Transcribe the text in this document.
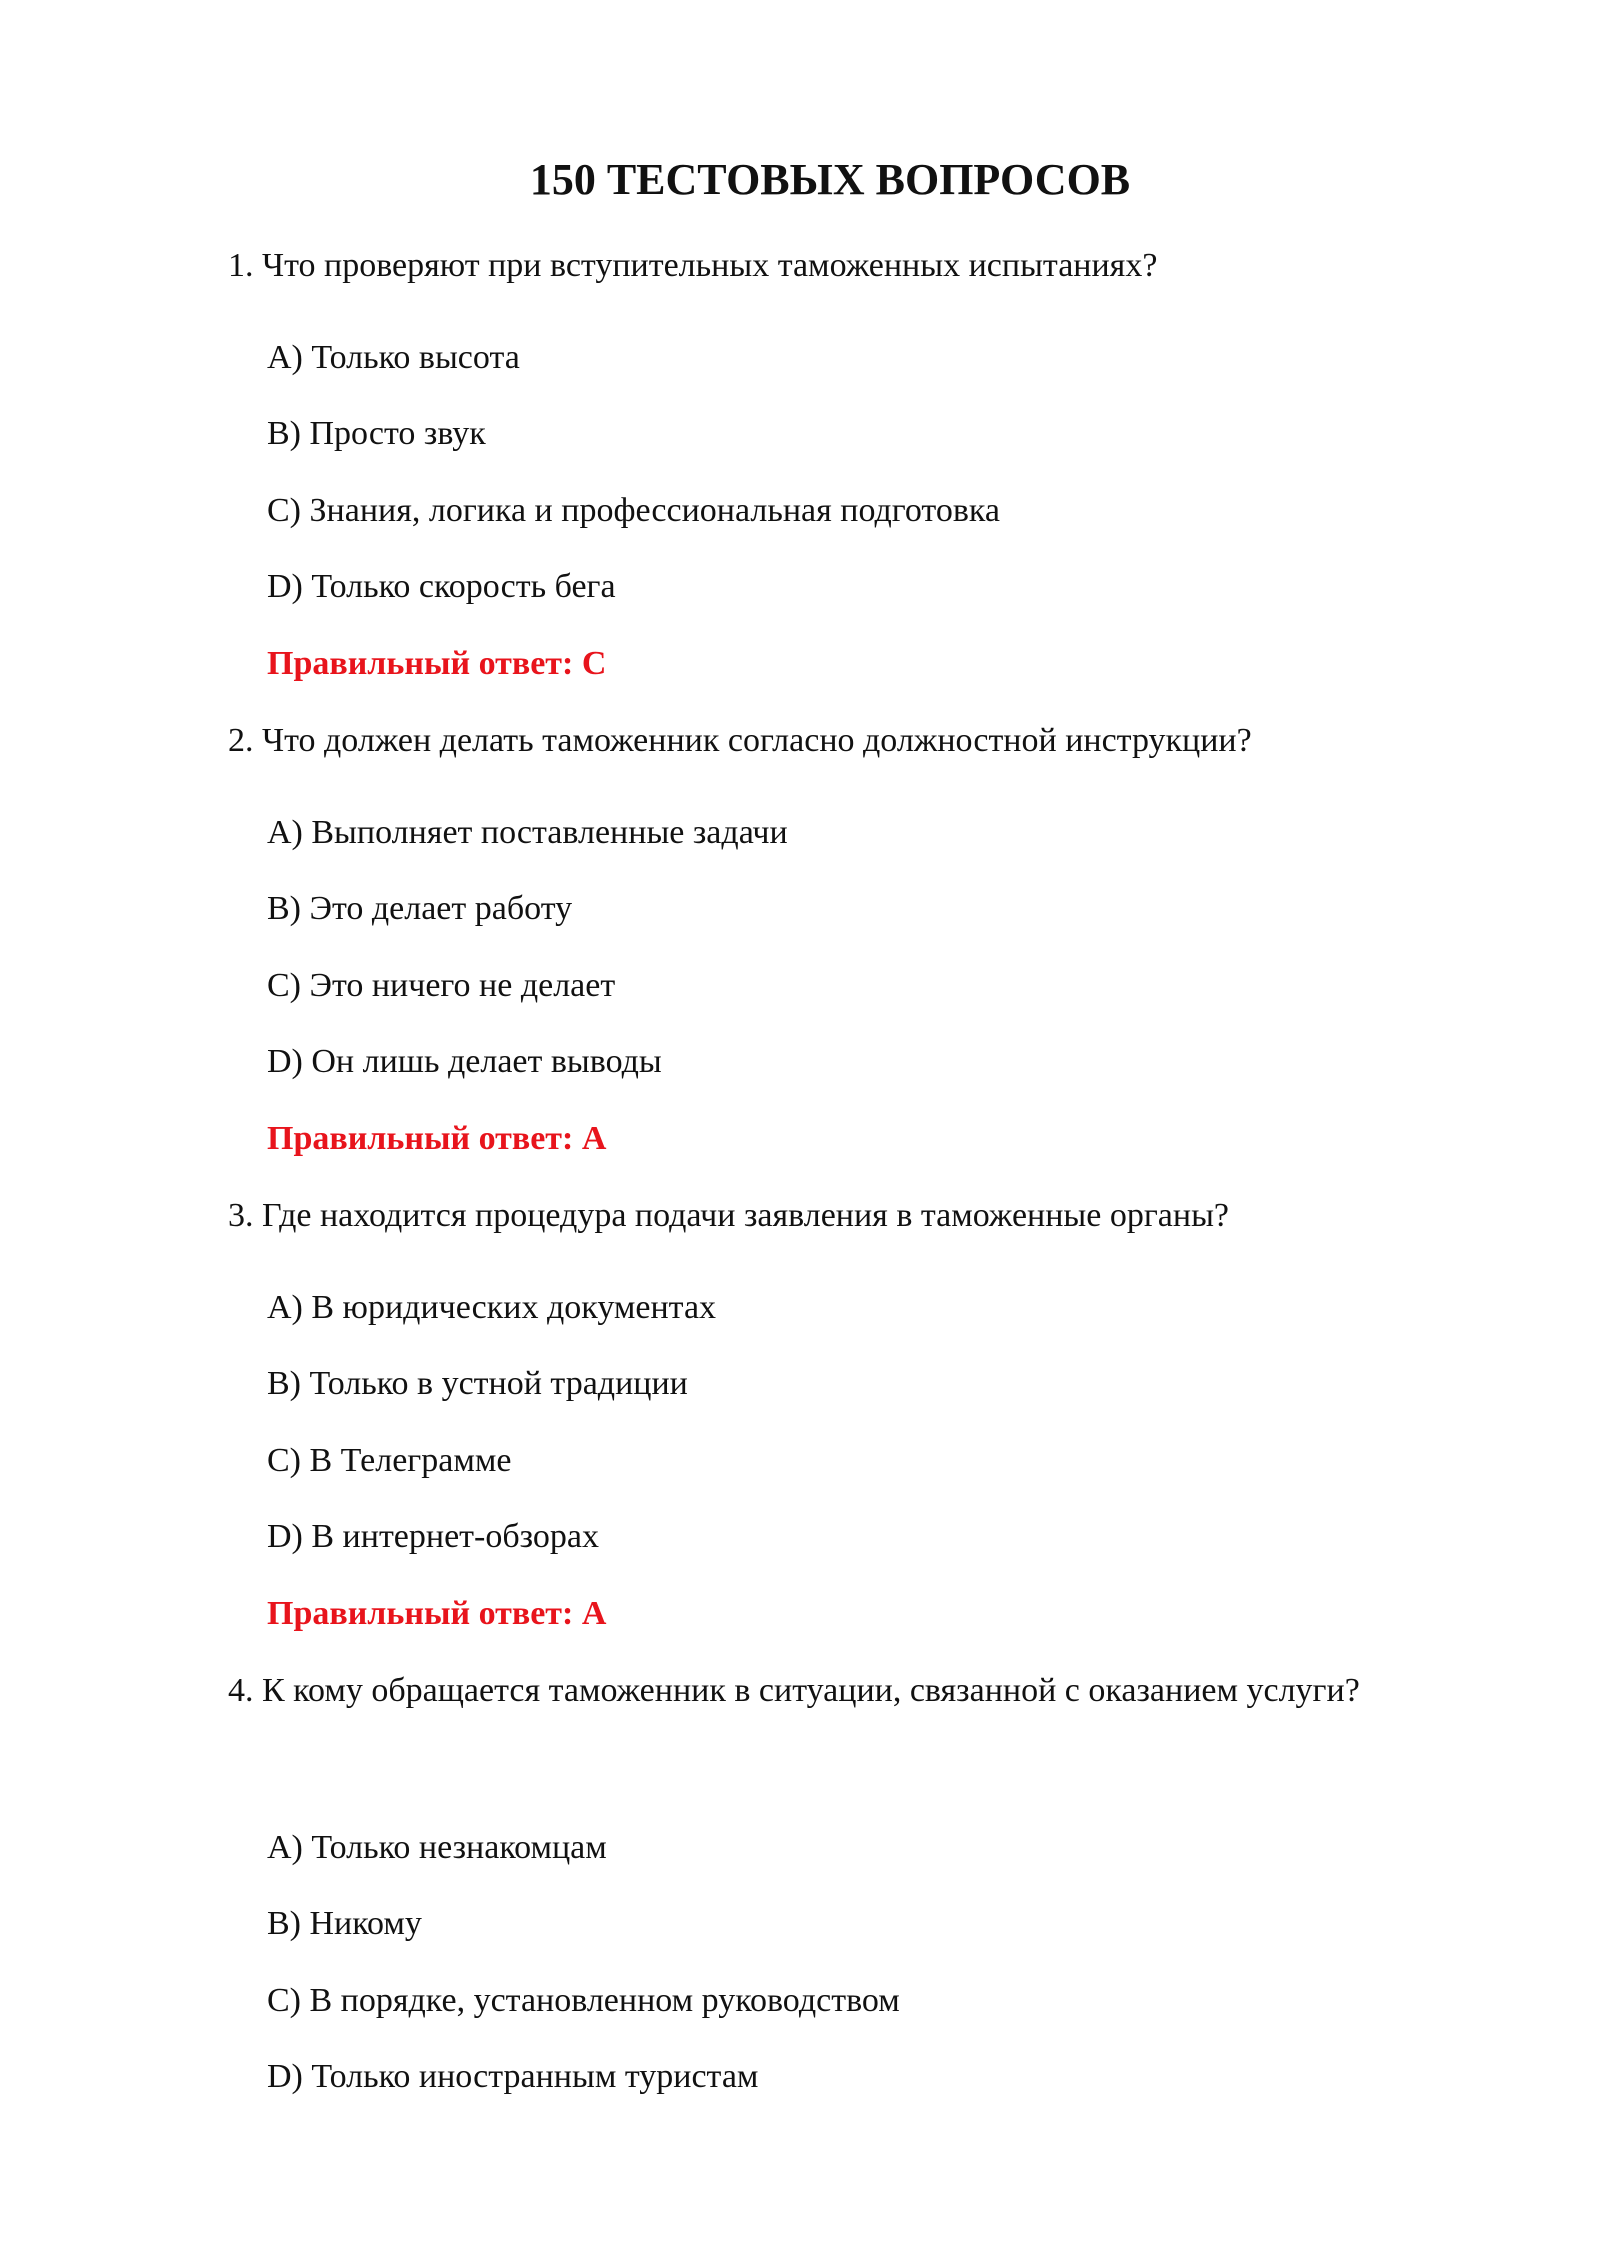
150 ТЕСТОВЫХ ВОПРОСОВ

1. Что проверяют при вступительных таможенных испытаниях?

A) Только высота

B) Просто звук

C) Знания, логика и профессиональная подготовка

D) Только скорость бега

Правильный ответ: C

2. Что должен делать таможенник согласно должностной инструкции?

A) Выполняет поставленные задачи

B) Это делает работу

C) Это ничего не делает

D) Он лишь делает выводы

Правильный ответ: A

3. Где находится процедура подачи заявления в таможенные органы?

A) В юридических документах

B) Только в устной традиции

C) В Телеграмме

D) В интернет-обзорах

Правильный ответ: A

4. К кому обращается таможенник в ситуации, связанной с оказанием услуги?

A) Только незнакомцам

B) Никому

C) В порядке, установленном руководством

D) Только иностранным туристам
